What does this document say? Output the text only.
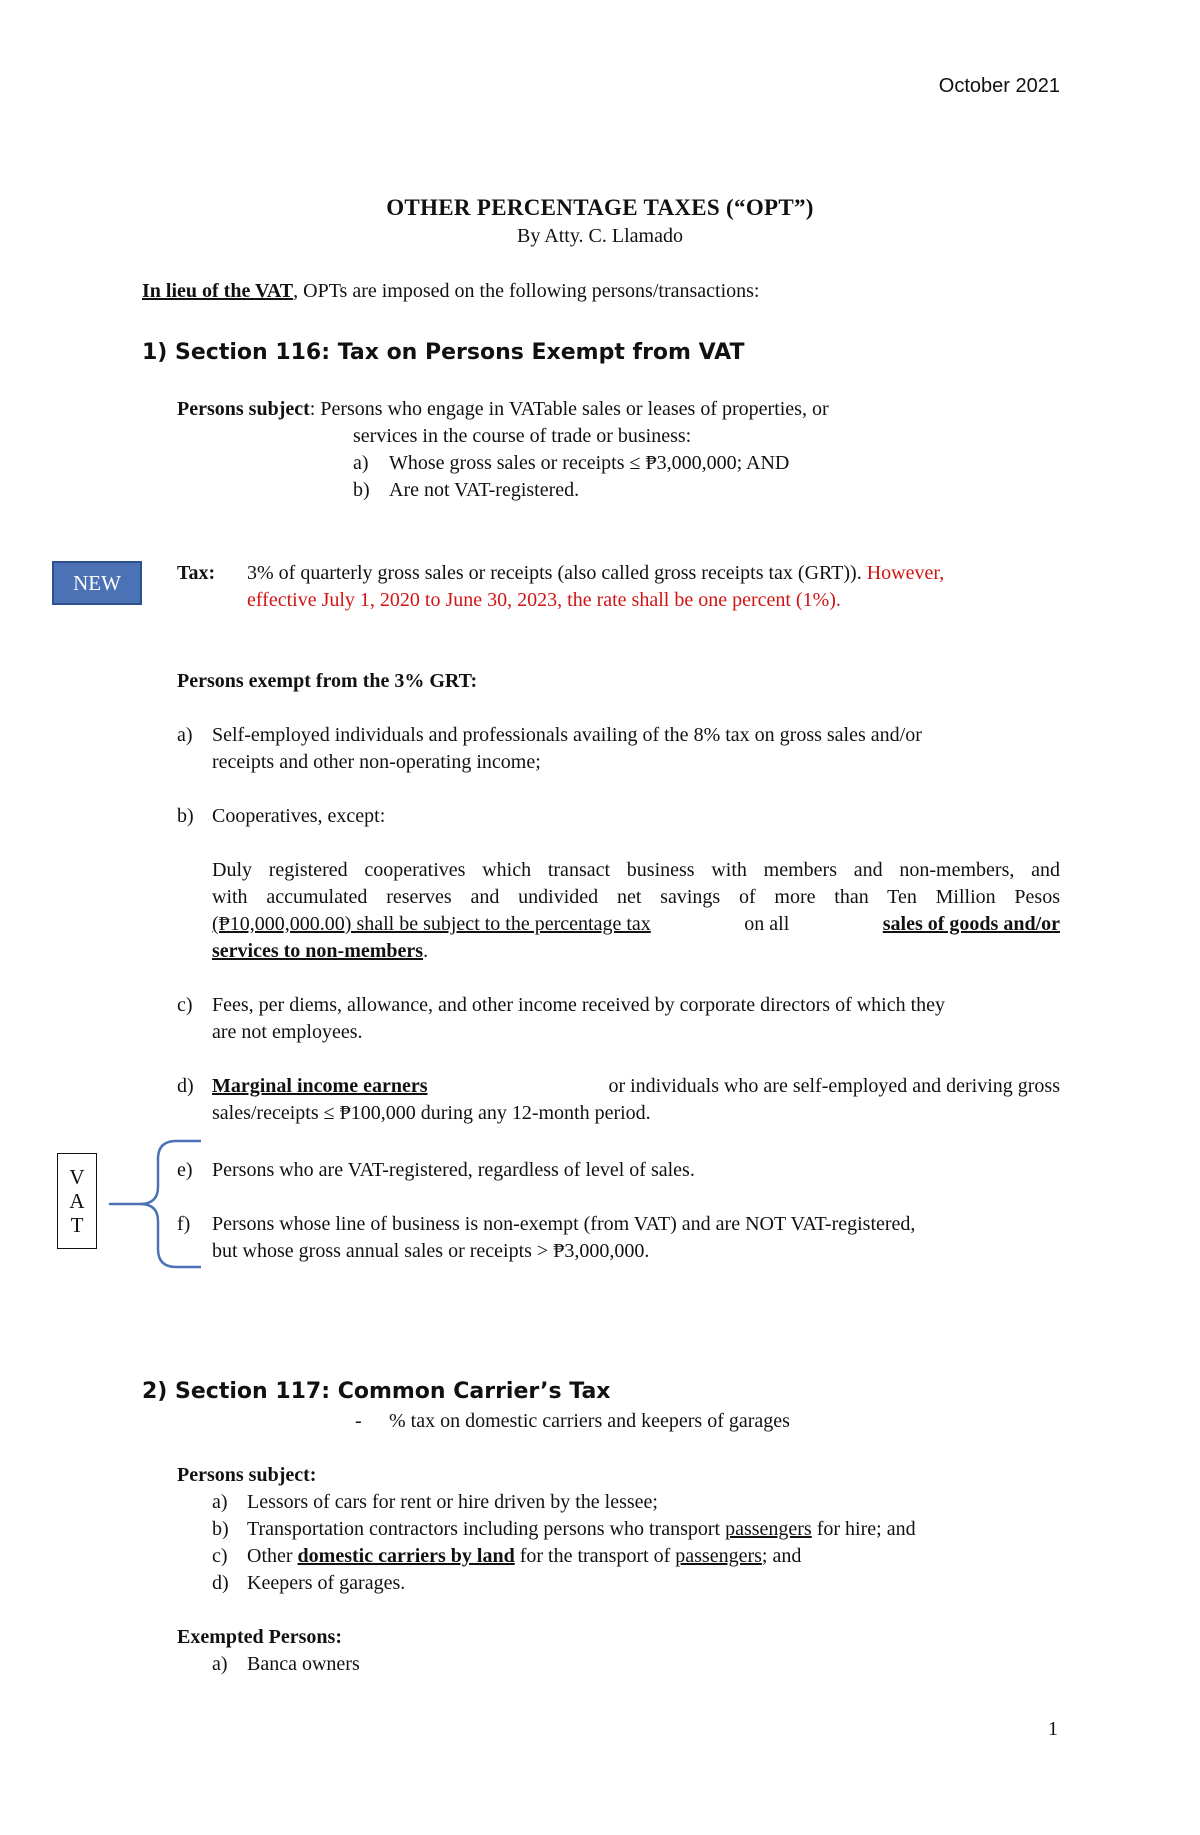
October 2021
OTHER PERCENTAGE TAXES (“OPT”)
By Atty. C. Llamado
In lieu of the VAT, OPTs are imposed on the following persons/transactions:
1) Section 116: Tax on Persons Exempt from VAT
Persons subject: Persons who engage in VATable sales or leases of properties, or
services in the course of trade or business:
a) Whose gross sales or receipts ≤ ₱3,000,000; AND
b) Are not VAT-registered.
NEW	Tax: 3% of quarterly gross sales or receipts (also called gross receipts tax (GRT)). However,
effective July 1, 2020 to June 30, 2023, the rate shall be one percent (1%).
Persons exempt from the 3% GRT:
a) Self-employed individuals and professionals availing of the 8% tax on gross sales and/or
receipts and other non-operating income;
b) Cooperatives, except:
Duly registered cooperatives which transact business with members and non-members, and
with accumulated reserves and undivided net savings of more than Ten Million Pesos
(₱10,000,000.00) shall be subject to the percentage tax	on all	sales of goods and/or
services to non-members.
c) Fees, per diems, allowance, and other income received by corporate directors of which they
are not employees.
d) Marginal income earners	or individuals who are self-employed and deriving gross
sales/receipts ≤ ₱100,000 during any 12-month period.
V
A
T
e) Persons who are VAT-registered, regardless of level of sales.
f) Persons whose line of business is non-exempt (from VAT) and are NOT VAT-registered,
but whose gross annual sales or receipts > ₱3,000,000.
2) Section 117: Common Carrier’s Tax
- % tax on domestic carriers and keepers of garages
Persons subject:
a) Lessors of cars for rent or hire driven by the lessee;
b) Transportation contractors including persons who transport passengers for hire; and
c) Other domestic carriers by land for the transport of passengers; and
d) Keepers of garages.
Exempted Persons:
a) Banca owners
1
